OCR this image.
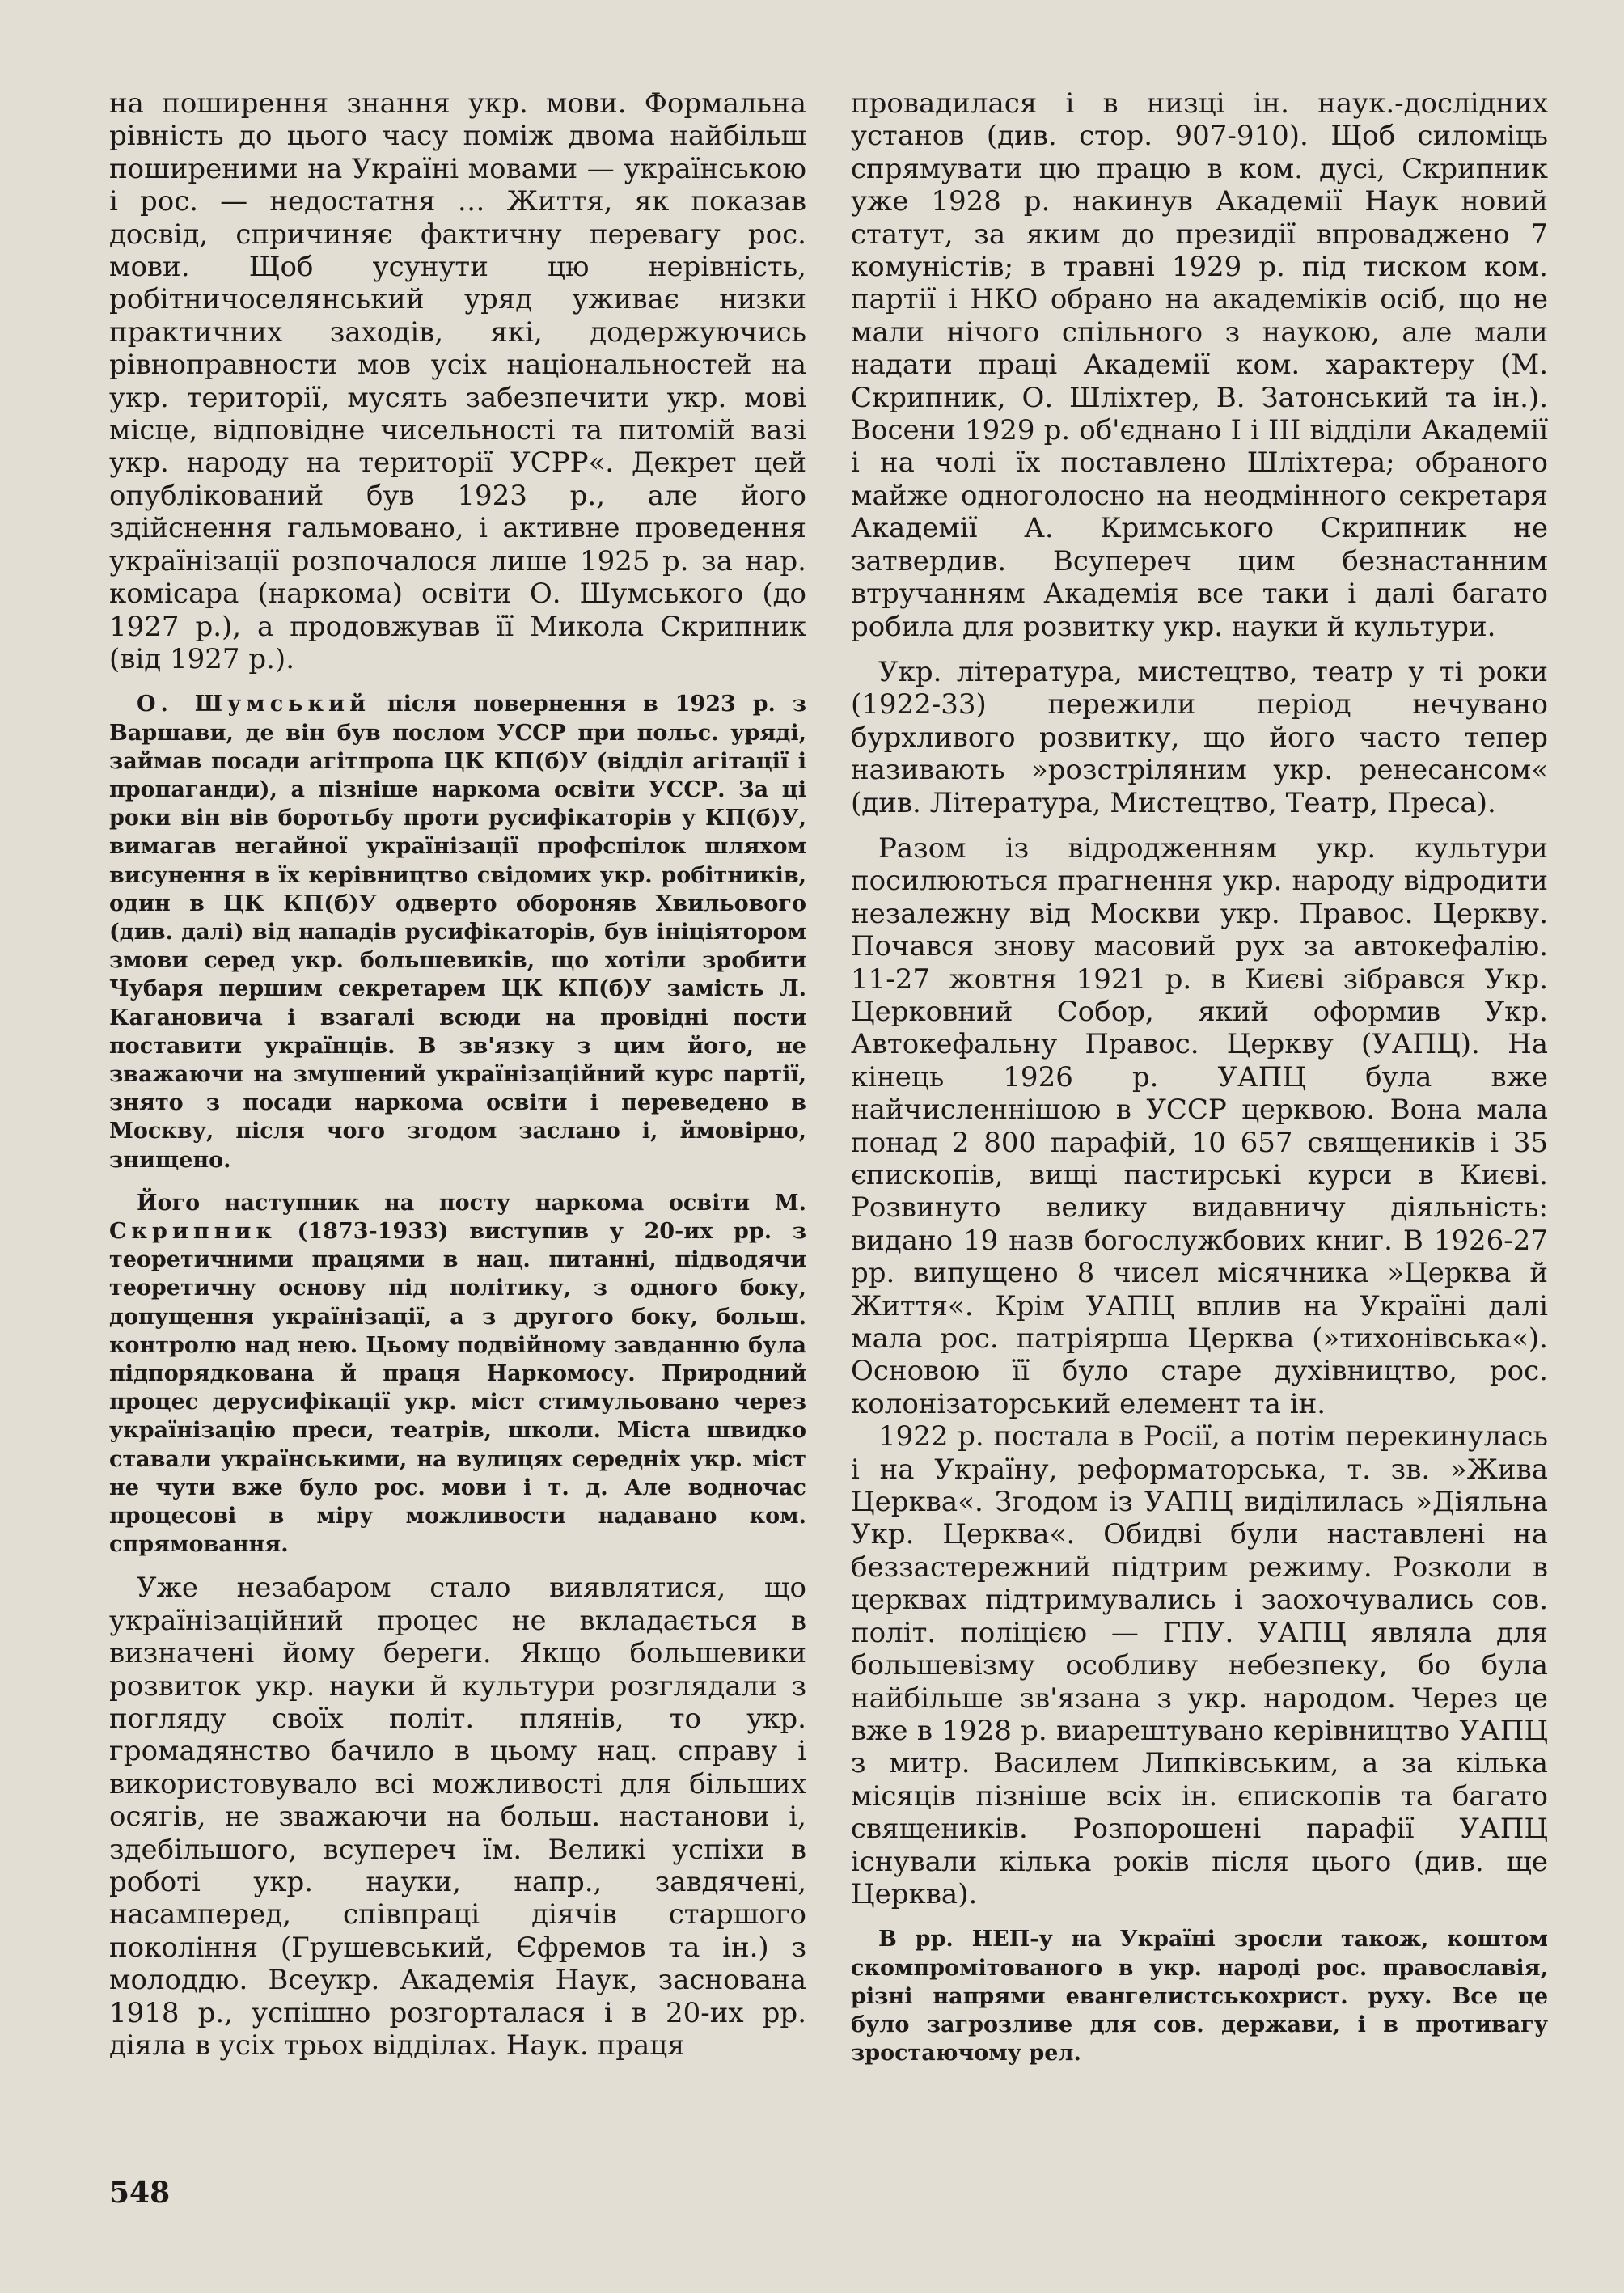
на поширення знання укр. мови. Формальна рівність до цього часу поміж двома найбільш поширеними на Україні мовами — українською і рос. — недостатня … Життя, як показав досвід, спричиняє фактичну перевагу рос. мови. Щоб усунути цю нерівність, робітничоселянський уряд уживає низки практичних заходів, які, додержуючись рівноправности мов усіх національностей на укр. території, мусять забезпечити укр. мові місце, відповідне чисельності та питомій вазі укр. народу на території УСРР«. Декрет цей опублікований був 1923 р., але його здійснення гальмовано, і активне проведення українізації розпочалося лише 1925 р. за нар. комісара (наркома) освіти О. Шумського (до 1927 р.), а продовжував її Микола Скрипник (від 1927 р.).

О. Шумський після повернення в 1923 р. з Варшави, де він був послом УССР при польс. уряді, займав посади агітпропа ЦК КП(б)У (відділ агітації і пропаганди), а пізніше наркома освіти УССР. За ці роки він вів боротьбу проти русифікаторів у КП(б)У, вимагав негайної українізації профспілок шляхом висунення в їх керівництво свідомих укр. робітників, один в ЦК КП(б)У одверто обороняв Хвильового (див. далі) від нападів русифікаторів, був ініціятором змови серед укр. большевиків, що хотіли зробити Чубаря першим секретарем ЦК КП(б)У замість Л. Кагановича і взагалі всюди на провідні пости поставити українців. В зв'язку з цим його, не зважаючи на змушений українізаційний курс партії, знято з посади наркома освіти і переведено в Москву, після чого згодом заслано і, ймовірно, знищено.

Його наступник на посту наркома освіти М. Скрипник (1873-1933) виступив у 20-их рр. з теоретичними працями в нац. питанні, підводячи теоретичну основу під політику, з одного боку, допущення українізації, а з другого боку, больш. контролю над нею. Цьому подвійному завданню була підпорядкована й праця Наркомосу. Природний процес дерусифікації укр. міст стимульовано через українізацію преси, театрів, школи. Міста швидко ставали українськими, на вулицях середніх укр. міст не чути вже було рос. мови і т. д. Але водночас процесові в міру можливости надавано ком. спрямовання.

Уже незабаром стало виявлятися, що українізаційний процес не вкладається в визначені йому береги. Якщо большевики розвиток укр. науки й культури розглядали з погляду своїх політ. плянів, то укр. громадянство бачило в цьому нац. справу і використовувало всі можливості для більших осягів, не зважаючи на больш. настанови і, здебільшого, всупереч їм. Великі успіхи в роботі укр. науки, напр., завдячені, насамперед, співпраці діячів старшого покоління (Грушевський, Єфремов та ін.) з молоддю. Всеукр. Академія Наук, заснована 1918 р., успішно розгорталася і в 20-их рр. діяла в усіх трьох відділах. Наук. праця

провадилася і в низці ін. наук.-дослідних установ (див. стор. 907-910). Щоб силоміць спрямувати цю працю в ком. дусі, Скрипник уже 1928 р. накинув Академії Наук новий статут, за яким до президії впроваджено 7 комуністів; в травні 1929 р. під тиском ком. партії і НКО обрано на академіків осіб, що не мали нічого спільного з наукою, але мали надати праці Академії ком. характеру (М. Скрипник, О. Шліхтер, В. Затонський та ін.). Восени 1929 р. об'єднано I і III відділи Академії і на чолі їх поставлено Шліхтера; обраного майже одноголосно на неодмінного секретаря Академії А. Кримського Скрипник не затвердив. Всупереч цим безнастанним втручанням Академія все таки і далі багато робила для розвитку укр. науки й культури.

Укр. література, мистецтво, театр у ті роки (1922-33) пережили період нечувано бурхливого розвитку, що його часто тепер називають »розстріляним укр. ренесансом« (див. Література, Мистецтво, Театр, Преса).

Разом із відродженням укр. культури посилюються прагнення укр. народу відродити незалежну від Москви укр. Правос. Церкву. Почався знову масовий рух за автокефалію. 11-27 жовтня 1921 р. в Києві зібрався Укр. Церковний Собор, який оформив Укр. Автокефальну Правос. Церкву (УАПЦ). На кінець 1926 р. УАПЦ була вже найчисленнішою в УССР церквою. Вона мала понад 2 800 парафій, 10 657 священиків і 35 єпископів, вищі пастирські курси в Києві. Розвинуто велику видавничу діяльність: видано 19 назв богослужбових книг. В 1926-27 рр. випущено 8 чисел місячника »Церква й Життя«. Крім УАПЦ вплив на Україні далі мала рос. патріярша Церква (»тихонівська«). Основою її було старе духівництво, рос. колонізаторський елемент та ін.

1922 р. постала в Росії, а потім перекинулась і на Україну, реформаторська, т. зв. »Жива Церква«. Згодом із УАПЦ виділилась »Діяльна Укр. Церква«. Обидві були наставлені на беззастережний підтрим режиму. Розколи в церквах підтримувались і заохочувались сов. політ. поліцією — ГПУ. УАПЦ являла для большевізму особливу небезпеку, бо була найбільше зв'язана з укр. народом. Через це вже в 1928 р. виарештувано керівництво УАПЦ з митр. Василем Липківським, а за кілька місяців пізніше всіх ін. єпископів та багато священиків. Розпорошені парафії УАПЦ існували кілька років після цього (див. ще Церква).

В рр. НЕП-у на Україні зросли також, коштом скомпромітованого в укр. народі рос. православія, різні напрями евангелистськохрист. руху. Все це було загрозливе для сов. держави, і в противагу зростаючому рел.

548
